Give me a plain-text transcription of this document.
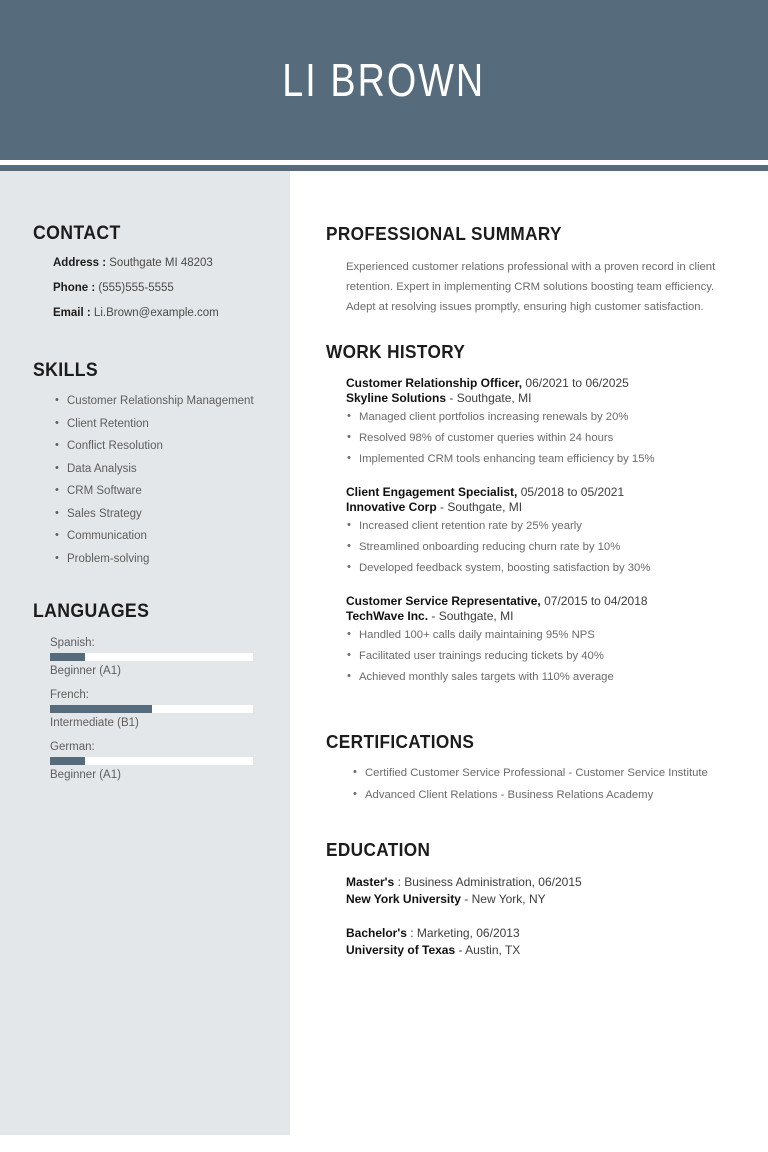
LI BROWN
CONTACT
Address : Southgate MI 48203
Phone : (555)555-5555
Email : Li.Brown@example.com
SKILLS
• Customer Relationship Management
• Client Retention
• Conflict Resolution
• Data Analysis
• CRM Software
• Sales Strategy
• Communication
• Problem-solving
LANGUAGES
Spanish:
Beginner (A1)
French:
Intermediate (B1)
German:
Beginner (A1)
PROFESSIONAL SUMMARY
Experienced customer relations professional with a proven record in client retention. Expert in implementing CRM solutions boosting team efficiency. Adept at resolving issues promptly, ensuring high customer satisfaction.
WORK HISTORY
Customer Relationship Officer, 06/2021 to 06/2025
Skyline Solutions - Southgate, MI
• Managed client portfolios increasing renewals by 20%
• Resolved 98% of customer queries within 24 hours
• Implemented CRM tools enhancing team efficiency by 15%
Client Engagement Specialist, 05/2018 to 05/2021
Innovative Corp - Southgate, MI
• Increased client retention rate by 25% yearly
• Streamlined onboarding reducing churn rate by 10%
• Developed feedback system, boosting satisfaction by 30%
Customer Service Representative, 07/2015 to 04/2018
TechWave Inc. - Southgate, MI
• Handled 100+ calls daily maintaining 95% NPS
• Facilitated user trainings reducing tickets by 40%
• Achieved monthly sales targets with 110% average
CERTIFICATIONS
• Certified Customer Service Professional - Customer Service Institute
• Advanced Client Relations - Business Relations Academy
EDUCATION
Master's : Business Administration, 06/2015
New York University - New York, NY
Bachelor's : Marketing, 06/2013
University of Texas - Austin, TX
